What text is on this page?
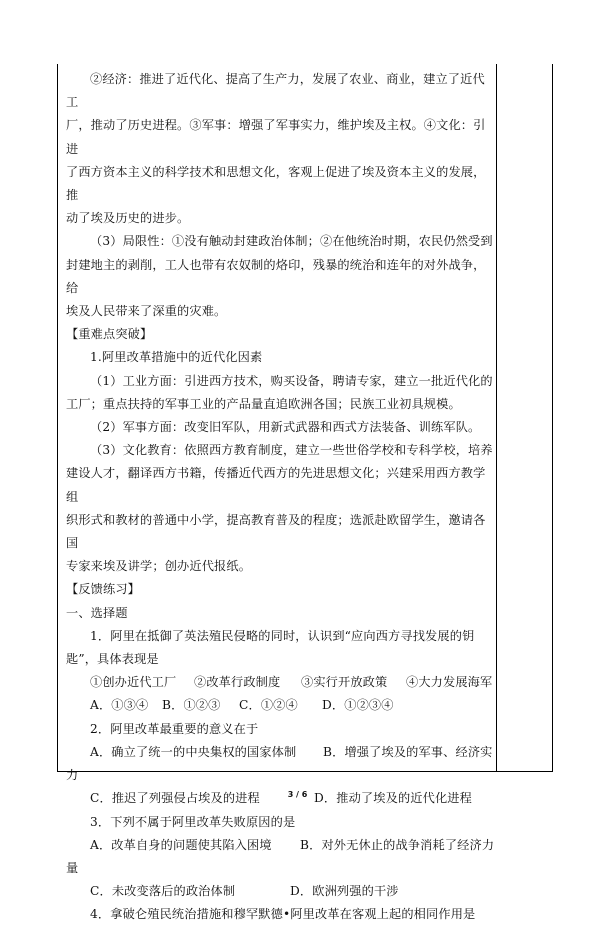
②经济：推进了近代化、提高了生产力，发展了农业、商业，建立了近代工

厂，推动了历史进程。③军事：增强了军事实力，维护埃及主权。④文化：引进

了西方资本主义的科学技术和思想文化，客观上促进了埃及资本主义的发展，推

动了埃及历史的进步。

（3）局限性：①没有触动封建政治体制；②在他统治时期，农民仍然受到

封建地主的剥削，工人也带有农奴制的烙印，残暴的统治和连年的对外战争，给

埃及人民带来了深重的灾难。

【重难点突破】

1.阿里改革措施中的近代化因素

（1）工业方面：引进西方技术，购买设备，聘请专家，建立一批近代化的

工厂；重点扶持的军事工业的产品量直追欧洲各国；民族工业初具规模。

（2）军事方面：改变旧军队，用新式武器和西式方法装备、训练军队。

（3）文化教育：依照西方教育制度，建立一些世俗学校和专科学校，培养

建设人才，翻译西方书籍，传播近代西方的先进思想文化；兴建采用西方教学组

织形式和教材的普通中小学，提高教育普及的程度；选派赴欧留学生，邀请各国

专家来埃及讲学；创办近代报纸。

【反馈练习】

一、选择题

1．阿里在抵御了英法殖民侵略的同时，认识到“应向西方寻找发展的钥

匙”，具体表现是

①创办近代工厂	②改革行政制度	③实行开放政策	④大力发展海军
A．①③④	B．①②③	C．①②④	D．①②③④

2．阿里改革最重要的意义在于

A．确立了统一的中央集权的国家体制	B．增强了埃及的军事、经济实

力

C．推迟了列强侵占埃及的进程	D．推动了埃及的近代化进程

3．下列不属于阿里改革失败原因的是

A．改革自身的问题使其陷入困境	B．对外无休止的战争消耗了经济力

量

C．未改变落后的政治体制	D．欧洲列强的干涉

4．拿破仑殖民统治措施和穆罕默德•阿里改革在客观上起的相同作用是

3 / 6
